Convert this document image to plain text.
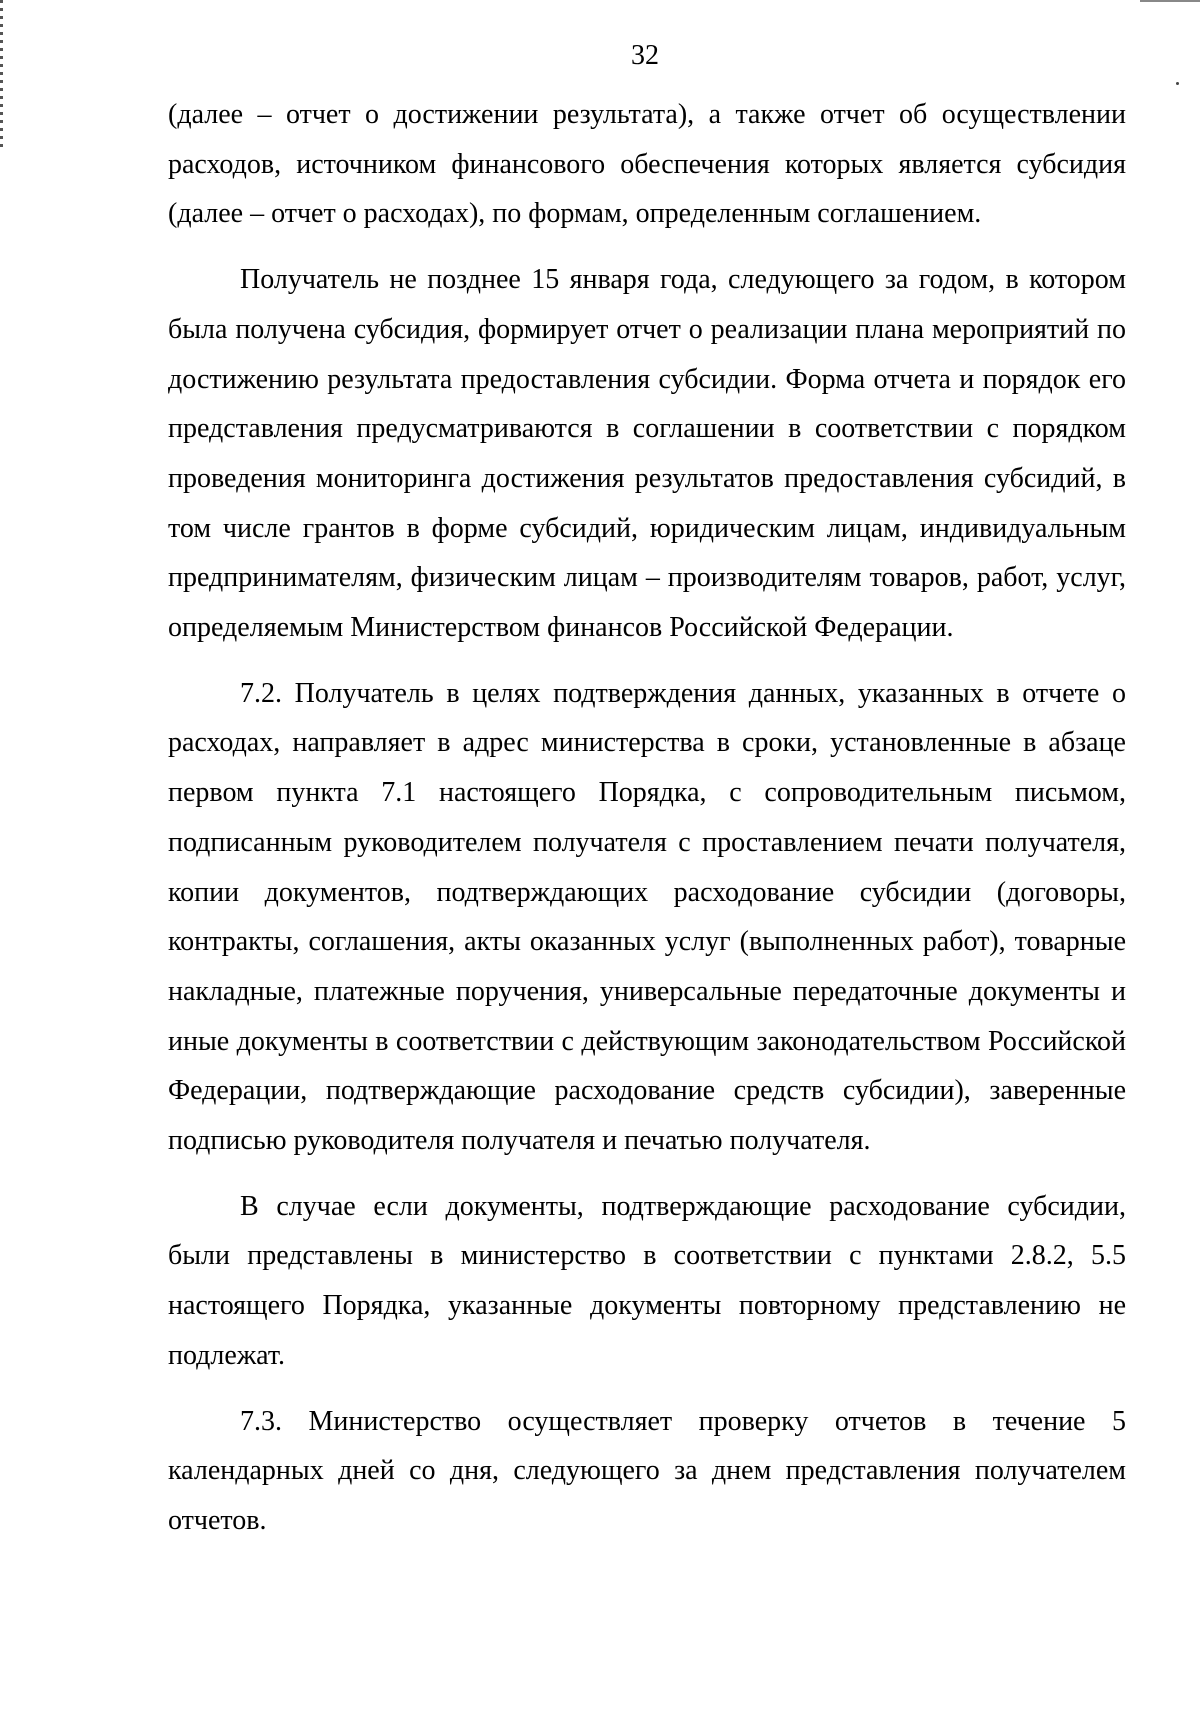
32

(далее – отчет о достижении результата), а также отчет об осуществлении расходов, источником финансового обеспечения которых является субсидия (далее – отчет о расходах), по формам, определенным соглашением.

Получатель не позднее 15 января года, следующего за годом, в котором была получена субсидия, формирует отчет о реализации плана мероприятий по достижению результата предоставления субсидии. Форма отчета и порядок его представления предусматриваются в соглашении в соответствии с порядком проведения мониторинга достижения результатов предоставления субсидий, в том числе грантов в форме субсидий, юридическим лицам, индивидуальным предпринимателям, физическим лицам – производителям товаров, работ, услуг, определяемым Министерством финансов Российской Федерации.

7.2. Получатель в целях подтверждения данных, указанных в отчете о расходах, направляет в адрес министерства в сроки, установленные в абзаце первом пункта 7.1 настоящего Порядка, с сопроводительным письмом, подписанным руководителем получателя с проставлением печати получателя, копии документов, подтверждающих расходование субсидии (договоры, контракты, соглашения, акты оказанных услуг (выполненных работ), товарные накладные, платежные поручения, универсальные передаточные документы и иные документы в соответствии с действующим законодательством Российской Федерации, подтверждающие расходование средств субсидии), заверенные подписью руководителя получателя и печатью получателя.

В случае если документы, подтверждающие расходование субсидии, были представлены в министерство в соответствии с пунктами 2.8.2, 5.5 настоящего Порядка, указанные документы повторному представлению не подлежат.

7.3. Министерство осуществляет проверку отчетов в течение 5 календарных дней со дня, следующего за днем представления получателем отчетов.
